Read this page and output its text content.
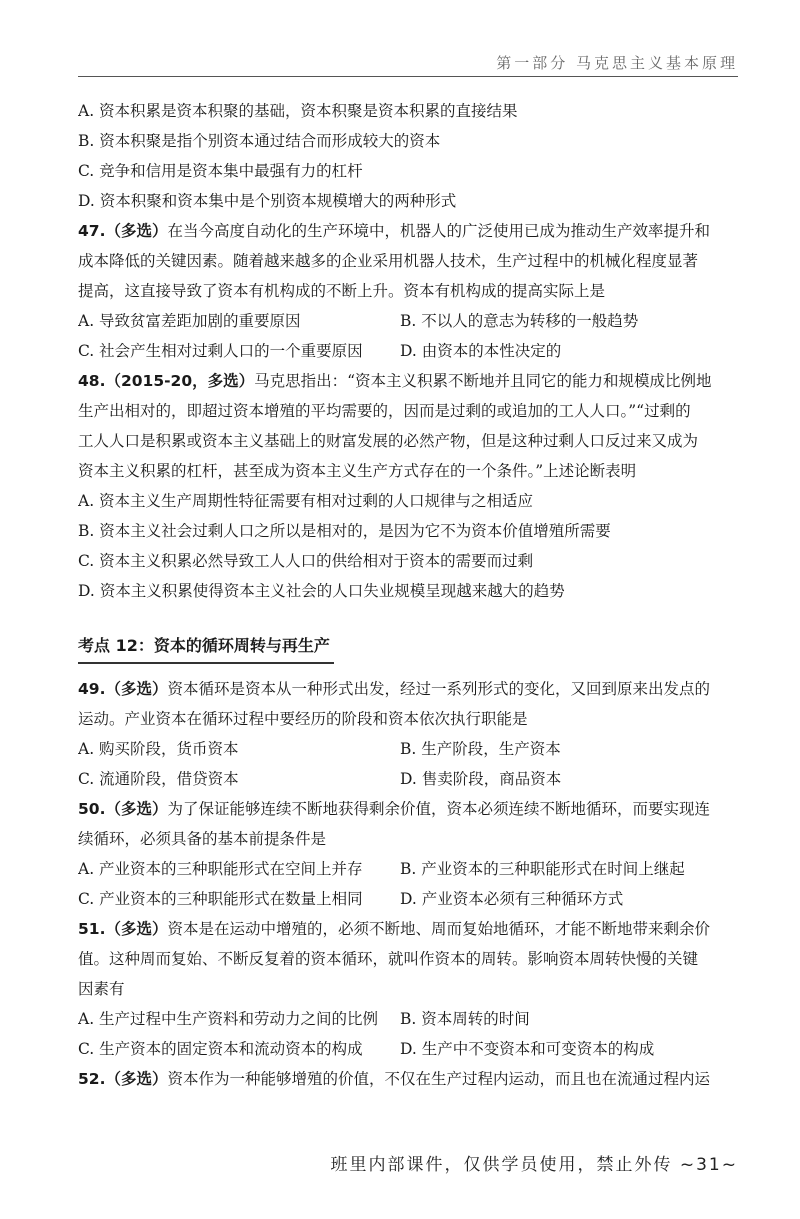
第一部分 马克思主义基本原理
A. 资本积累是资本积聚的基础，资本积聚是资本积累的直接结果
B. 资本积聚是指个别资本通过结合而形成较大的资本
C. 竞争和信用是资本集中最强有力的杠杆
D. 资本积聚和资本集中是个别资本规模增大的两种形式
47.（多选）在当今高度自动化的生产环境中，机器人的广泛使用已成为推动生产效率提升和
成本降低的关键因素。随着越来越多的企业采用机器人技术，生产过程中的机械化程度显著
提高，这直接导致了资本有机构成的不断上升。资本有机构成的提高实际上是
A. 导致贫富差距加剧的重要原因	B. 不以人的意志为转移的一般趋势
C. 社会产生相对过剩人口的一个重要原因	D. 由资本的本性决定的
48.（2015-20，多选）马克思指出：“资本主义积累不断地并且同它的能力和规模成比例地
生产出相对的，即超过资本增殖的平均需要的，因而是过剩的或追加的工人人口。”“过剩的
工人人口是积累或资本主义基础上的财富发展的必然产物，但是这种过剩人口反过来又成为
资本主义积累的杠杆，甚至成为资本主义生产方式存在的一个条件。”上述论断表明
A. 资本主义生产周期性特征需要有相对过剩的人口规律与之相适应
B. 资本主义社会过剩人口之所以是相对的，是因为它不为资本价值增殖所需要
C. 资本主义积累必然导致工人人口的供给相对于资本的需要而过剩
D. 资本主义积累使得资本主义社会的人口失业规模呈现越来越大的趋势
考点 12：资本的循环周转与再生产
49.（多选）资本循环是资本从一种形式出发，经过一系列形式的变化，又回到原来出发点的
运动。产业资本在循环过程中要经历的阶段和资本依次执行职能是
A. 购买阶段，货币资本	B. 生产阶段，生产资本
C. 流通阶段，借贷资本	D. 售卖阶段，商品资本
50.（多选）为了保证能够连续不断地获得剩余价值，资本必须连续不断地循环，而要实现连
续循环，必须具备的基本前提条件是
A. 产业资本的三种职能形式在空间上并存	B. 产业资本的三种职能形式在时间上继起
C. 产业资本的三种职能形式在数量上相同	D. 产业资本必须有三种循环方式
51.（多选）资本是在运动中增殖的，必须不断地、周而复始地循环，才能不断地带来剩余价
值。这种周而复始、不断反复着的资本循环，就叫作资本的周转。影响资本周转快慢的关键
因素有
A. 生产过程中生产资料和劳动力之间的比例	B. 资本周转的时间
C. 生产资本的固定资本和流动资本的构成	D. 生产中不变资本和可变资本的构成
52.（多选）资本作为一种能够增殖的价值，不仅在生产过程内运动，而且也在流通过程内运
班里内部课件，仅供学员使用，禁止外传 ~31~
